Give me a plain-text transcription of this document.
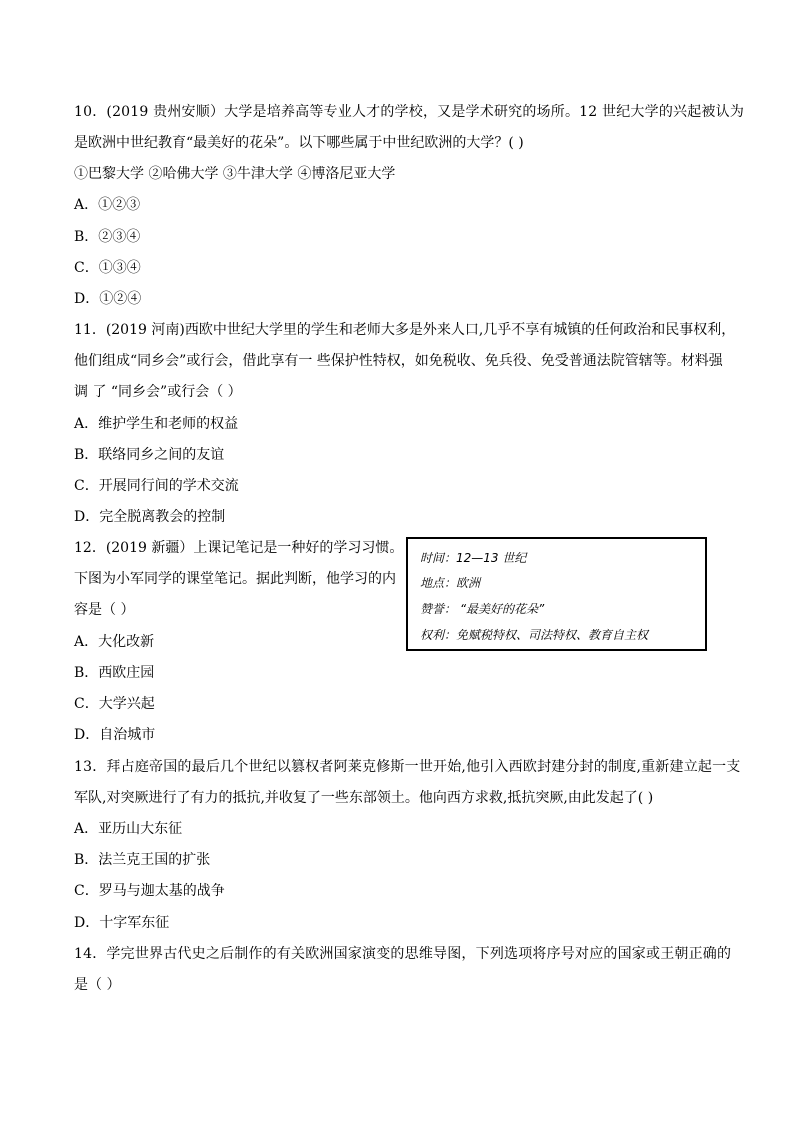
10．(2019 贵州安顺）大学是培养高等专业人才的学校，又是学术研究的场所。12 世纪大学的兴起被认为
是欧洲中世纪教育“最美好的花朵”。以下哪些属于中世纪欧洲的大学？( )
①巴黎大学 ②哈佛大学 ③牛津大学 ④博洛尼亚大学
A．①②③
B．②③④
C．①③④
D．①②④
11．(2019 河南)西欧中世纪大学里的学生和老师大多是外来人口,几乎不享有城镇的任何政治和民事权利，
他们组成“同乡会”或行会，借此享有一 些保护性特权，如免税收、免兵役、免受普通法院管辖等。材料强
调 了 “同乡会”或行会（ ）
A．维护学生和老师的权益
B．联络同乡之间的友谊
C．开展同行间的学术交流
D．完全脱离教会的控制
12．(2019 新疆）上课记笔记是一种好的学习习惯。
下图为小军同学的课堂笔记。据此判断，他学习的内
容是（ ）
A．大化改新
B．西欧庄园
C．大学兴起
D．自治城市
时间：12—13 世纪
地点：欧洲
赞誉： “最美好的花朵”
权利：免赋税特权、司法特权、教育自主权
13．拜占庭帝国的最后几个世纪以篡权者阿莱克修斯一世开始,他引入西欧封建分封的制度,重新建立起一支
军队,对突厥进行了有力的抵抗,并收复了一些东部领土。他向西方求救,抵抗突厥,由此发起了( )
A．亚历山大东征
B．法兰克王国的扩张
C．罗马与迦太基的战争
D．十字军东征
14．学完世界古代史之后制作的有关欧洲国家演变的思维导图，下列选项将序号对应的国家或王朝正确的
是（ ）
